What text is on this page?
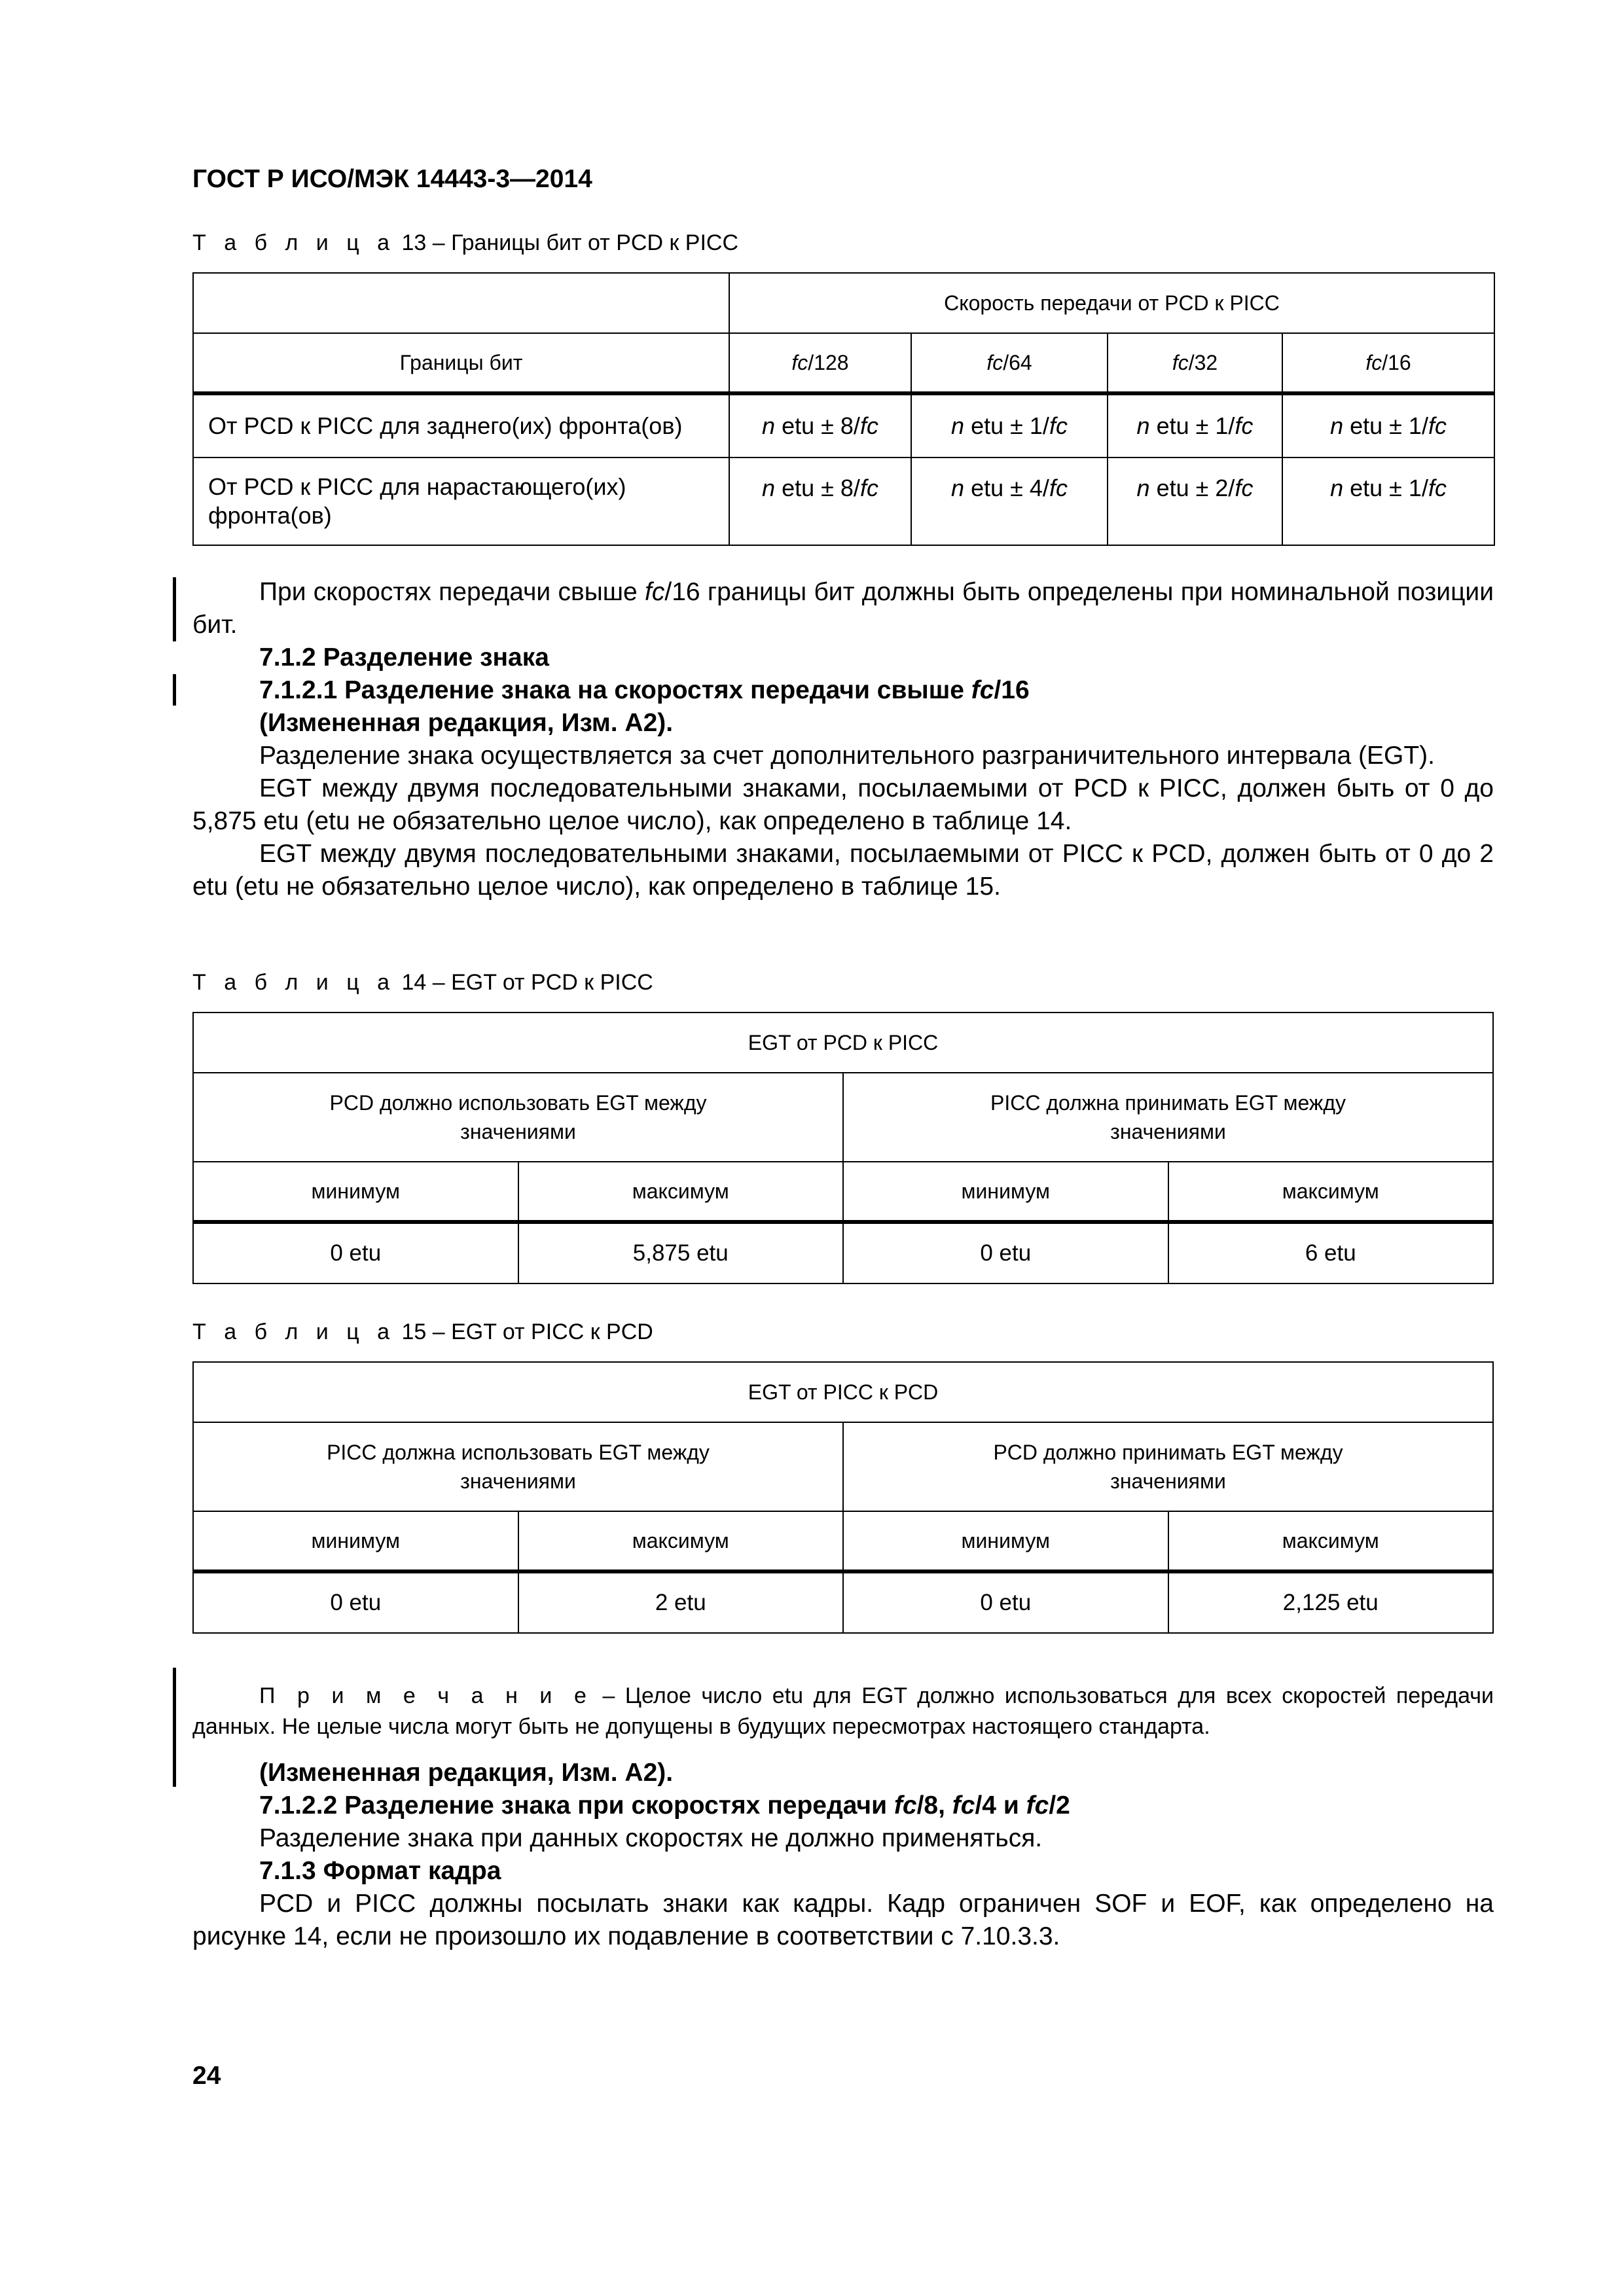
ГОСТ Р ИСО/МЭК 14443-3—2014
Т а б л и ц а 13 – Границы бит от PCD к PICC
	Скорость передачи от PCD к PICC			
Границы бит	fc/128	fc/64	fc/32	fc/16
От PCD к PICC для заднего(их) фронта(ов)	n etu ± 8/fc	n etu ± 1/fc	n etu ± 1/fc	n etu ± 1/fc
От PCD к PICC для нарастающего(их) фронта(ов)	n etu ± 8/fc	n etu ± 4/fc	n etu ± 2/fc	n etu ± 1/fc

При скоростях передачи свыше fc/16 границы бит должны быть определены при номинальной позиции бит.

7.1.2 Разделение знака

7.1.2.1 Разделение знака на скоростях передачи свыше fc/16

(Измененная редакция, Изм. А2).

Разделение знака осуществляется за счет дополнительного разграничительного интервала (EGT).

EGT между двумя последовательными знаками, посылаемыми от PCD к PICC, должен быть от 0 до 5,875 etu (etu не обязательно целое число), как определено в таблице 14.

EGT между двумя последовательными знаками, посылаемыми от PICC к PCD, должен быть от 0 до 2 etu (etu не обязательно целое число), как определено в таблице 15.

Т а б л и ц а 14 – EGT от PCD к PICC
EGT от PCD к PICC			

PCD должно использовать EGT между значениями		PICC должна принимать EGT между значениями	

минимум	максимум	минимум	максимум
0 etu	5,875 etu	0 etu	6 etu
Т а б л и ц а 15 – EGT от PICC к PCD
EGT от PICC к PCD			

PICC должна использовать EGT между значениями		PCD должно принимать EGT между значениями	

минимум	максимум	минимум	максимум
0 etu	2 etu	0 etu	2,125 etu
П р и м е ч а н и е – Целое число etu для EGT должно использоваться для всех скоростей передачи данных. Не целые числа могут быть не допущены в будущих пересмотрах настоящего стандарта.

(Измененная редакция, Изм. А2).

7.1.2.2 Разделение знака при скоростях передачи fc/8, fc/4 и fc/2

Разделение знака при данных скоростях не должно применяться.

7.1.3 Формат кадра

PCD и PICC должны посылать знаки как кадры. Кадр ограничен SOF и EOF, как определено на рисунке 14, если не произошло их подавление в соответствии с 7.10.3.3.

24
